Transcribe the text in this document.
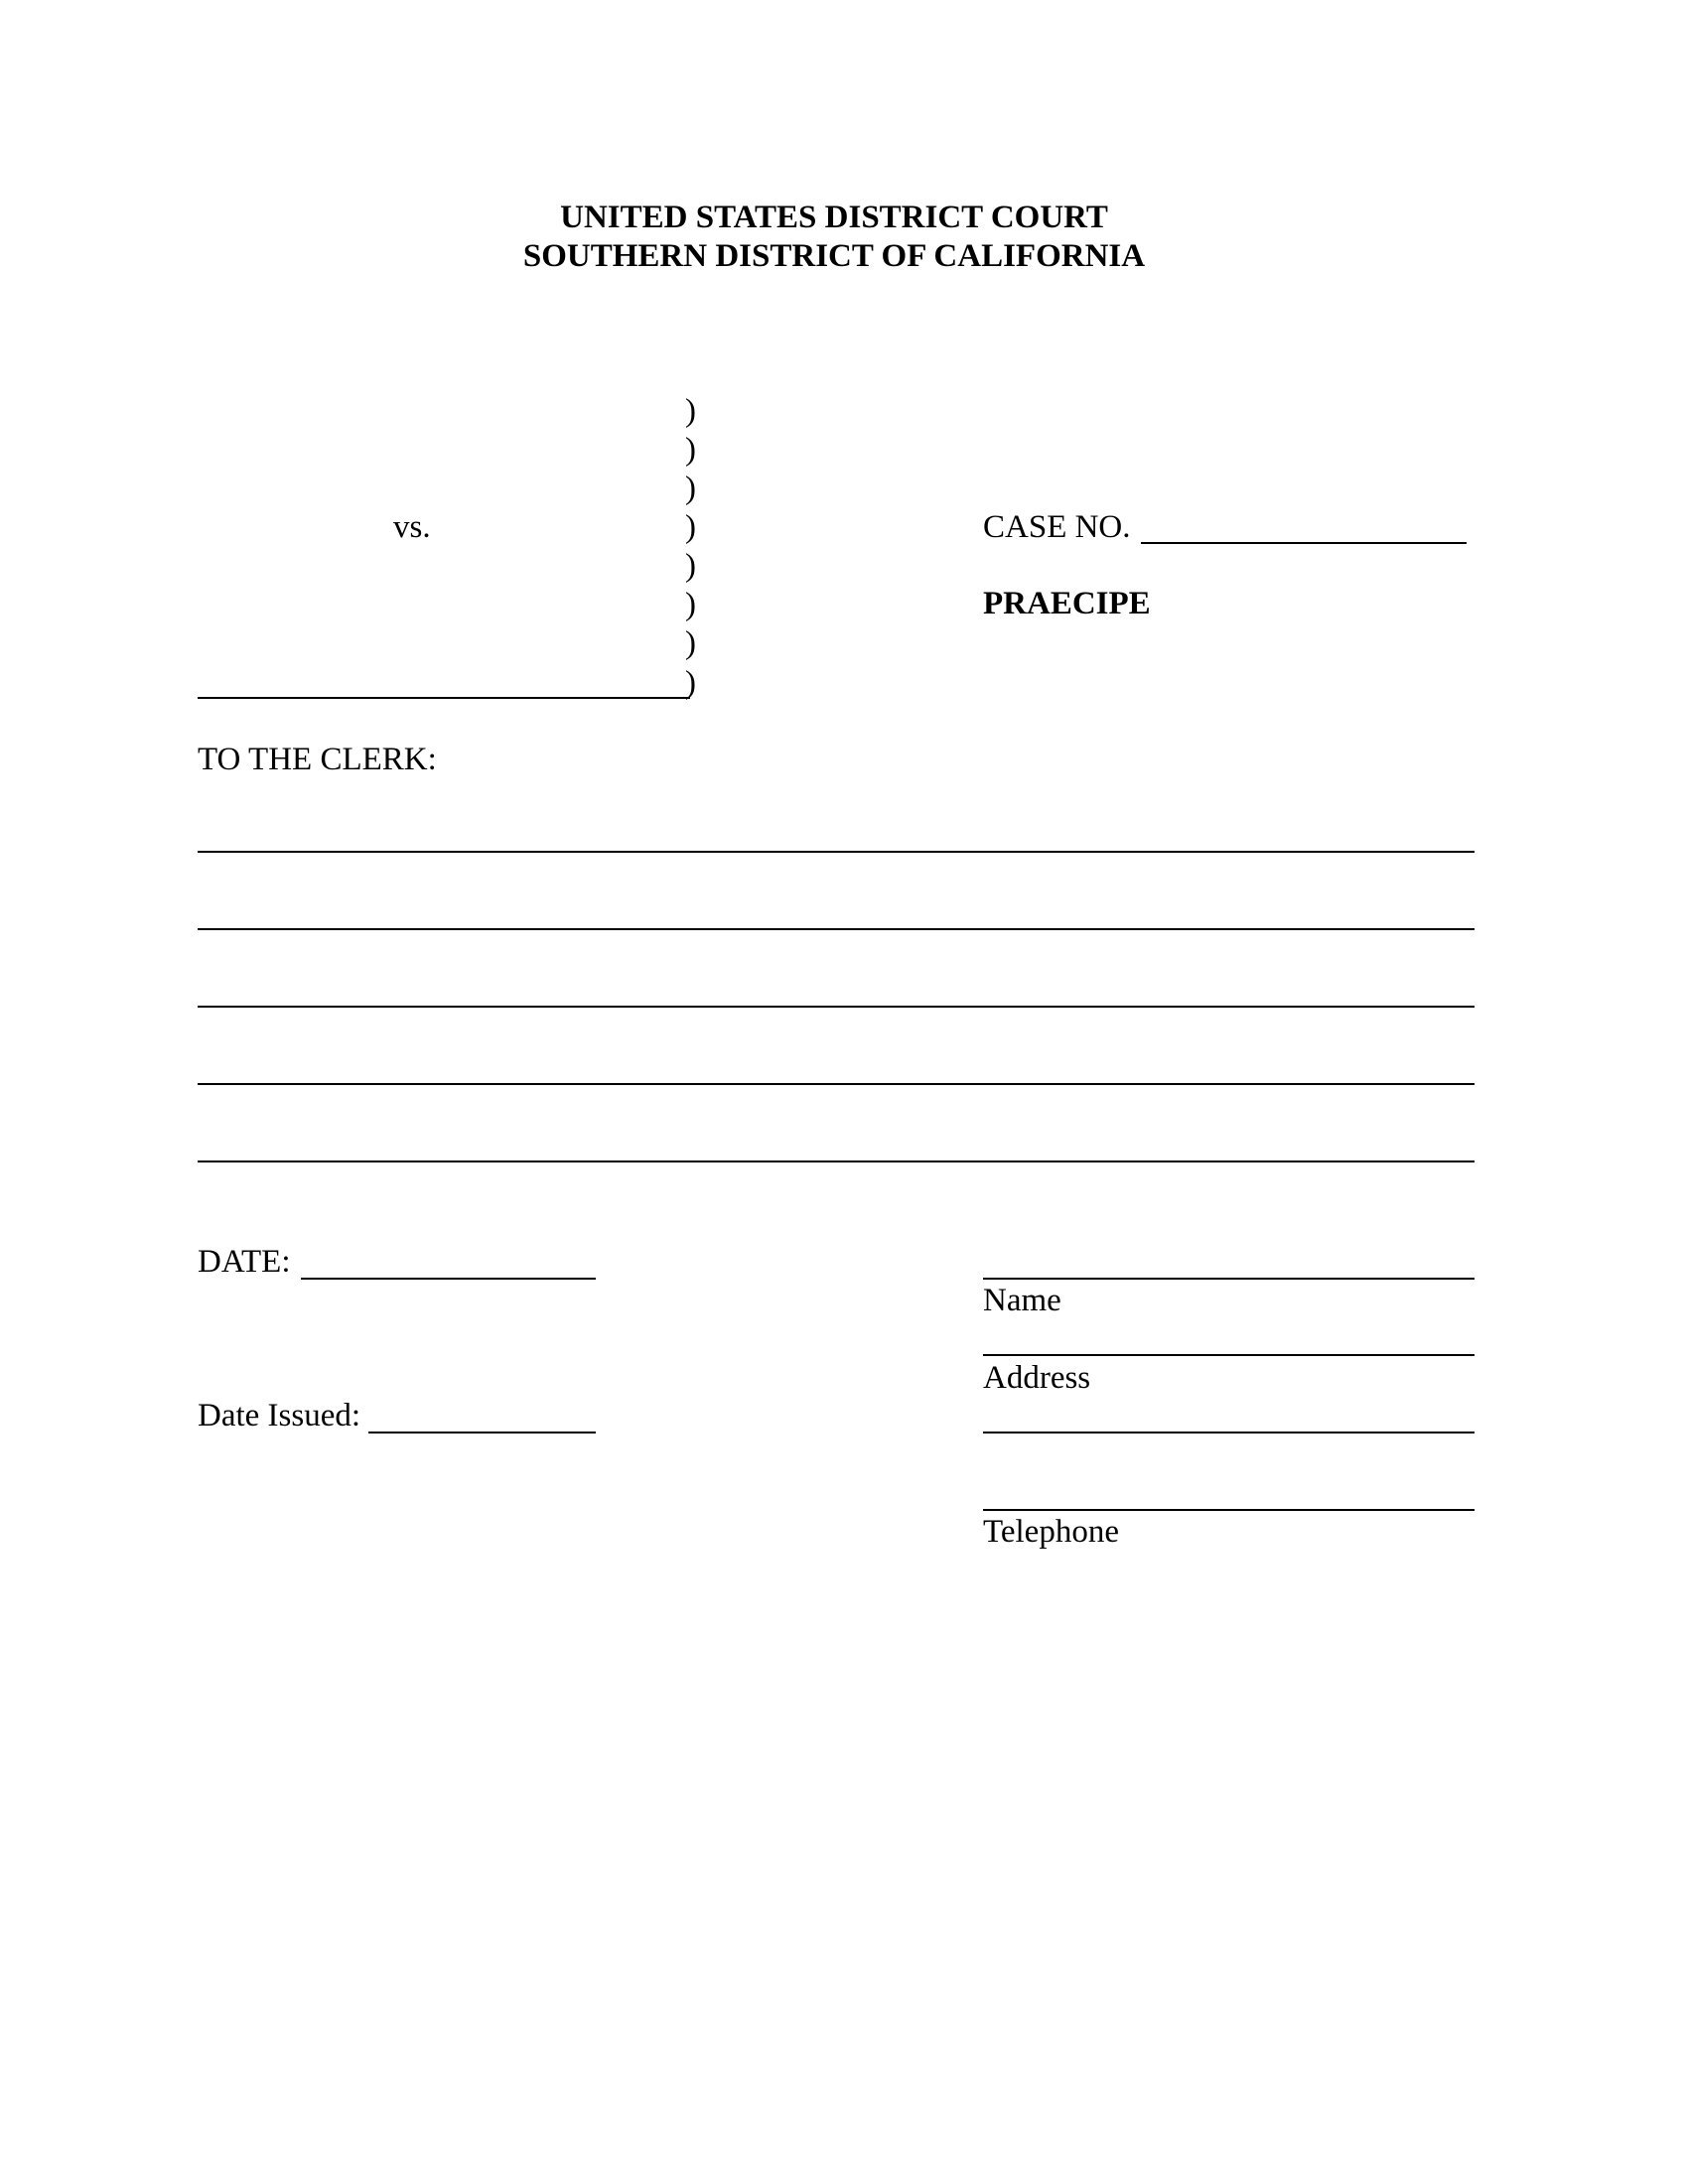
UNITED STATES DISTRICT COURT
SOUTHERN DISTRICT OF CALIFORNIA
)
)
)
)
)
)
)
)
vs.	CASE NO.
PRAECIPE
TO THE CLERK:
DATE:
Date Issued:
Name
Address
Telephone
